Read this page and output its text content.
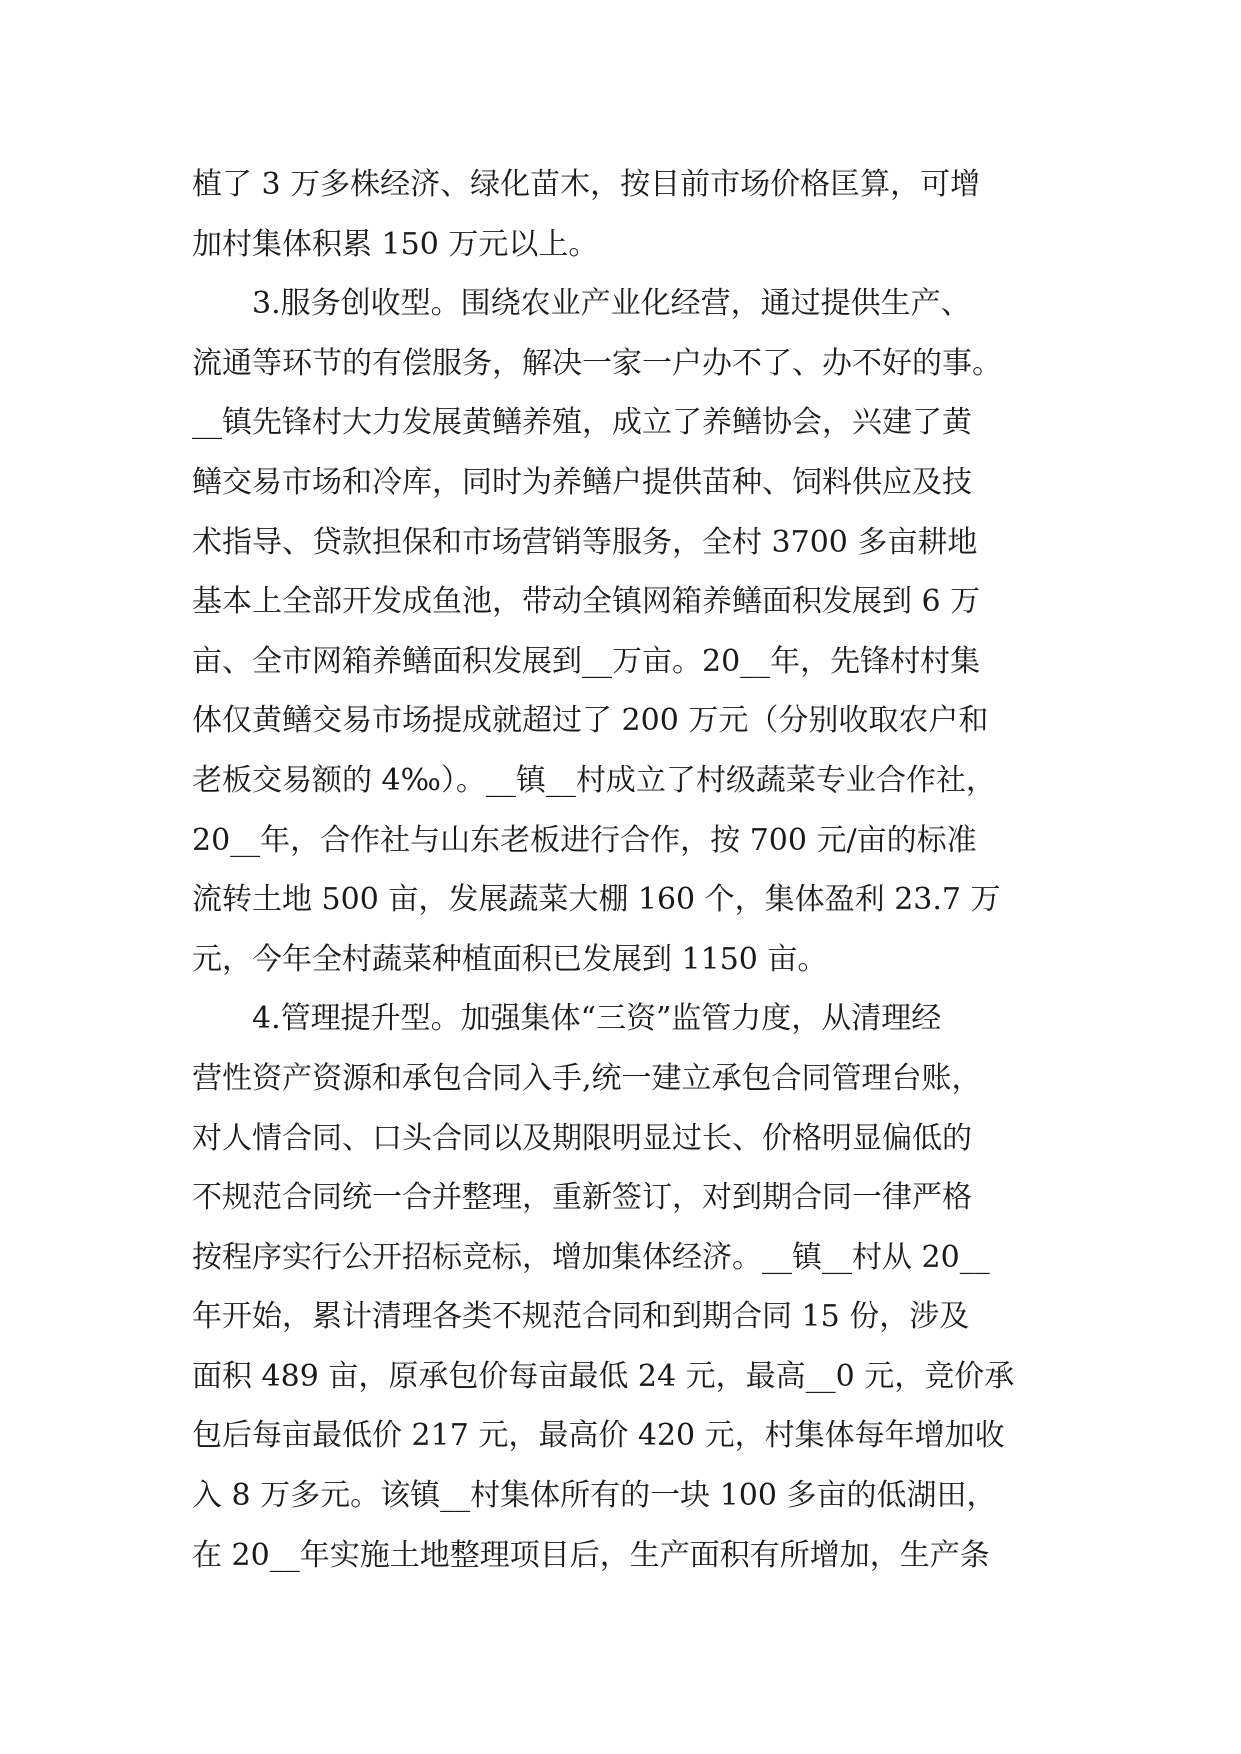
植了 3 万多株经济、绿化苗木，按目前市场价格匡算，可增
加村集体积累 150 万元以上。
3.服务创收型。围绕农业产业化经营，通过提供生产、
流通等环节的有偿服务，解决一家一户办不了、办不好的事。
__镇先锋村大力发展黄鳝养殖，成立了养鳝协会，兴建了黄
鳝交易市场和冷库，同时为养鳝户提供苗种、饲料供应及技
术指导、贷款担保和市场营销等服务，全村 3700 多亩耕地
基本上全部开发成鱼池，带动全镇网箱养鳝面积发展到 6 万
亩、全市网箱养鳝面积发展到__万亩。20__年，先锋村村集
体仅黄鳝交易市场提成就超过了 200 万元（分别收取农户和
老板交易额的 4‰）。__镇__村成立了村级蔬菜专业合作社，
20__年，合作社与山东老板进行合作，按 700 元/亩的标准
流转土地 500 亩，发展蔬菜大棚 160 个，集体盈利 23.7 万
元，今年全村蔬菜种植面积已发展到 1150 亩。
4.管理提升型。加强集体“三资”监管力度，从清理经
营性资产资源和承包合同入手,统一建立承包合同管理台账，
对人情合同、口头合同以及期限明显过长、价格明显偏低的
不规范合同统一合并整理，重新签订，对到期合同一律严格
按程序实行公开招标竞标，增加集体经济。__镇__村从 20__
年开始，累计清理各类不规范合同和到期合同 15 份，涉及
面积 489 亩，原承包价每亩最低 24 元，最高__0 元，竞价承
包后每亩最低价 217 元，最高价 420 元，村集体每年增加收
入 8 万多元。该镇__村集体所有的一块 100 多亩的低湖田，
在 20__年实施土地整理项目后，生产面积有所增加，生产条
